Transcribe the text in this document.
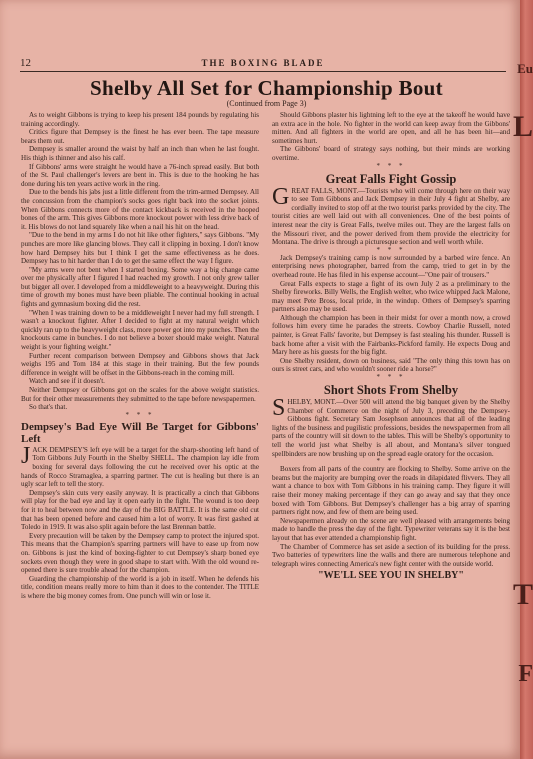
12	THE BOXING BLADE
Shelby All Set for Championship Bout
(Continued from Page 3)

As to weight Gibbons is trying to keep his present 184 pounds by regulating his training accordingly.

Critics figure that Dempsey is the finest he has ever been. The tape measure bears them out.

Dempsey is smaller around the waist by half an inch than when he last fought. His thigh is thinner and also his calf.

If Gibbons' arms were straight he would have a 76-inch spread easily. But both of the St. Paul challenger's levers are bent in. This is due to the hooking he has done during his ten years active work in the ring.

Due to the bends his jabs just a little different from the trim-armed Dempsey. All the concussion from the champion's socks goes right back into the socket joints. When Gibbons connects more of the contact kickback is received in the hooped bones of the arm. This gives Gibbons more knockout power with less drive back of it. His blows do not land squarely like when a nail his hit on the head.

"Due to the bend in my arms I do not hit like other fighters," says Gibbons. "My punches are more like glancing blows. They call it clipping in boxing. I don't know how hard Dempsey hits but I think I get the same effectiveness as he does. Dempsey has to hit harder than I do to get the same effect the way I figure.

"My arms were not bent when I started boxing. Some way a big change came over me physically after I figured I had reached my growth. I not only grew taller but bigger all over. I developed from a middleweight to a heavyweight. During this time of growth my bones must have been pliable. The continual hooking in actual fights and gymnasium boxing did the rest.

"When I was training down to be a middleweight I never had my full strength. I wasn't a knockout fighter. After I decided to fight at my natural weight which quickly ran up to the heavyweight class, more power got into my punches. Then the knockouts came in bunches. I do not believe a boxer should make weight. Natural weight is your fighting weight."

Further recent comparison between Dempsey and Gibbons shows that Jack weighs 195 and Tom 184 at this stage in their training. But the few pounds difference in weight will be offset in the Gibbons-reach in the coming mill.

Watch and see if it doesn't.

Neither Dempsey or Gibbons got on the scales for the above weight statistics. But for their other measurements they submitted to the tape before newspapermen.

So that's that.

* * *
Dempsey's Bad Eye Will Be Target for Gibbons' Left

JACK DEMPSEY'S left eye will be a target for the sharp-shooting left hand of Tom Gibbons July Fourth in the Shelby SHELL. The champion lay idle from boxing for several days following the cut he received over his optic at the hands of Rocco Stramaglea, a sparring partner. The cut is healing but there is an ugly scar left to tell the story.

Dempsey's skin cuts very easily anyway. It is practically a cinch that Gibbons will play for the bad eye and lay it open early in the fight. The wound is too deep for it to heal between now and the day of the BIG BATTLE. It is the same old cut that has been opened before and caused him a lot of worry. It was first gashed at Toledo in 1919. It was also split again before the last Brennan battle.

Every precaution will be taken by the Dempsey camp to protect the injured spot. This means that the Champion's sparring partners will have to ease up from now on. Gibbons is just the kind of boxing-fighter to cut Dempsey's sharp boned eye sockets even though they were in good shape to start with. With the old wound re-opened there is sure trouble ahead for the champion.

Guarding the championship of the world is a job in itself. When he defends his title, condition means really more to him than it does to the contender. The TITLE is where the big money comes from. One punch will win or lose it.

Should Gibbons plaster his lightning left to the eye at the takeoff he would have an extra ace in the hole. No fighter in the world can keep away from the Gibbons' mitten. And all fighters in the world are open, and all he has been hit—and sometimes hurt.

The Gibbons' board of strategy says nothing, but their minds are working overtime.

* * *
Great Falls Fight Gossip

GREAT FALLS, MONT.—Tourists who will come through here on their way to see Tom Gibbons and Jack Dempsey in their July 4 fight at Shelby, are cordially invited to stop off at the two tourist parks provided by the city. The tourist cities are well laid out with all conveniences. One of the best points of interest near the city is Great Falls, twelve miles out. They are the largest falls on the Missouri river, and the power derived from them provide the electricity for Montana. The drive is through a picturesque section and well worth while.

* * *

Jack Dempsey's training camp is now surrounded by a barbed wire fence. An enterprising news photographer, barred from the camp, tried to get in by the overhead route. He has filed in his expense account—"One pair of trousers."

Great Falls expects to stage a fight of its own July 2 as a preliminary to the Shelby fireworks. Billy Wells, the English welter, who twice whipped Jack Malone, may meet Pete Bross, local pride, in the windup. Others of Dempsey's sparring partners also may be used.

Although the champion has been in their midst for over a month now, a crowd follows him every time he parades the streets. Cowboy Charlie Russell, noted painter, is Great Falls' favorite, but Dempsey is fast stealing his thunder. Russell is back home after a visit with the Fairbanks-Pickford family. He expects Doug and Mary here as his guests for the big fight.

One Shelby resident, down on business, said "The only thing this town has on ours is street cars, and who wouldn't sooner ride a horse?"

* * *
Short Shots From Shelby

SHELBY, MONT.—Over 500 will attend the big banquet given by the Shelby Chamber of Commerce on the night of July 3, preceding the Dempsey-Gibbons fight. Secretary Sam Josephson announces that all of the leading lights of the business and pugilistic professions, besides the newspapermen from all parts of the country will sit down to the tables. This will be Shelby's opportunity to tell the world just what Shelby is all about, and Montana's silver tongued spellbinders are now brushing up on the spread eagle oratory for the occasion.

* * *

Boxers from all parts of the country are flocking to Shelby. Some arrive on the beams but the majority are bumping over the roads in dilapidated flivvers. They all want a chance to box with Tom Gibbons in his training camp. They figure it will raise their money making percentage if they can go away and say that they once boxed with Tom Gibbons. But Dempsey's challenger has a big array of sparring partners right now, and few of them are being used.

Newspapermen already on the scene are well pleased with arrangements being made to handle the press the day of the fight. Typewriter veterans say it is the best layout that has ever attended a championship fight.

The Chamber of Commerce has set aside a section of its building for the press. Two batteries of typewriters line the walls and there are numerous telephone and telegraph wires connecting America's new fight center with the outside world.

"WE'LL SEE YOU IN SHELBY"
Eu
L
T
F
